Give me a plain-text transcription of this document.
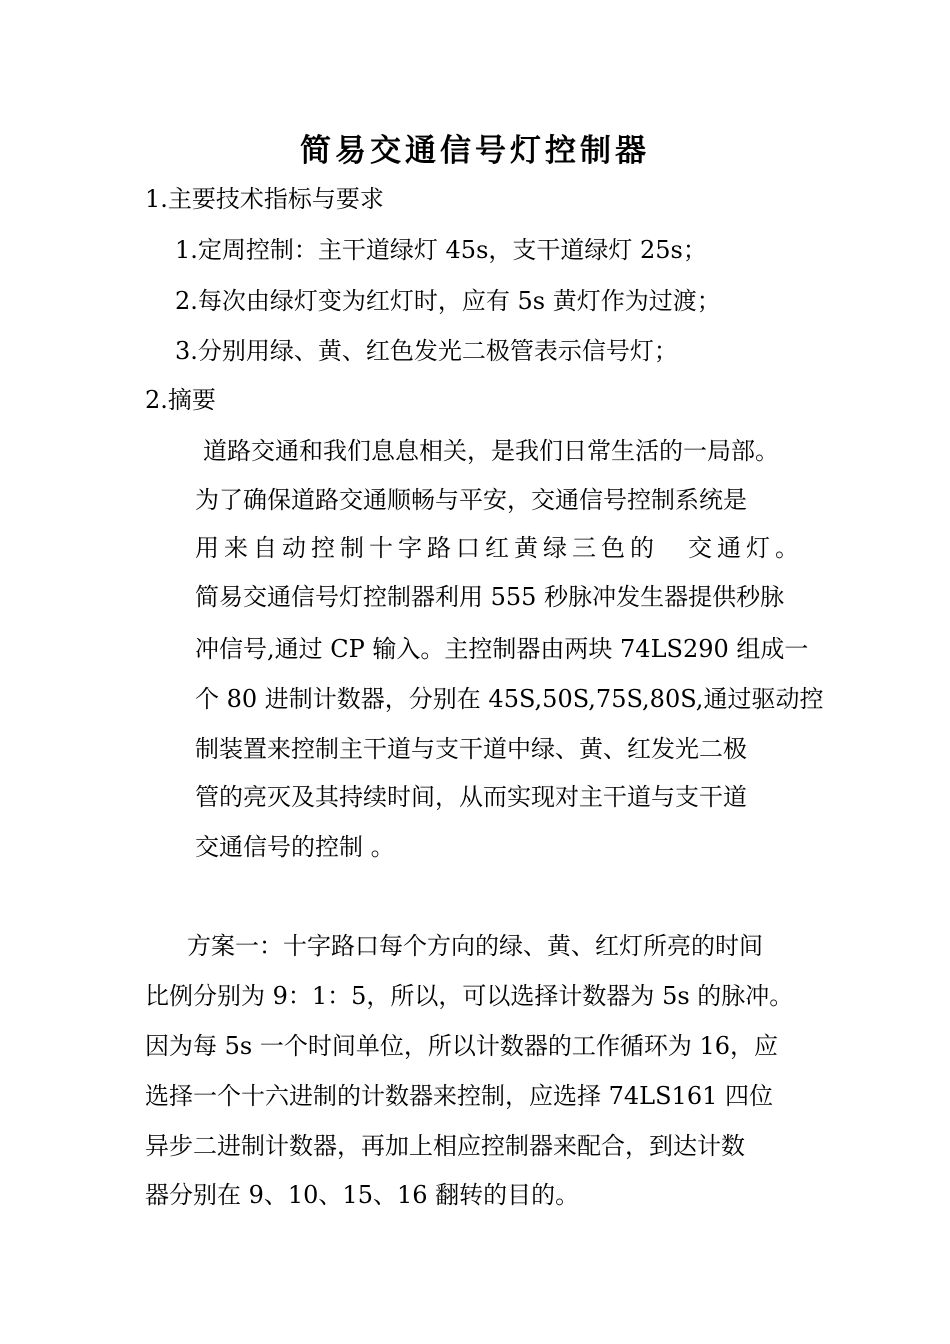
简易交通信号灯控制器
1.主要技术指标与要求
1.定周控制：主干道绿灯 45s，支干道绿灯 25s；
2.每次由绿灯变为红灯时，应有 5s 黄灯作为过渡；
3.分别用绿、黄、红色发光二极管表示信号灯；
2.摘要
道路交通和我们息息相关，是我们日常生活的一局部。
为了确保道路交通顺畅与平安，交通信号控制系统是
用来自动控制十字路口红黄绿三色的　交通灯。
简易交通信号灯控制器利用 555 秒脉冲发生器提供秒脉
冲信号,通过 CP 输入。主控制器由两块 74LS290 组成一
个 80 进制计数器，分别在 45S,50S,75S,80S,通过驱动控
制装置来控制主干道与支干道中绿、黄、红发光二极
管的亮灭及其持续时间，从而实现对主干道与支干道
交通信号的控制 。
方案一：十字路口每个方向的绿、黄、红灯所亮的时间
比例分别为 9：1：5，所以，可以选择计数器为 5s 的脉冲。
因为每 5s 一个时间单位，所以计数器的工作循环为 16，应
选择一个十六进制的计数器来控制，应选择 74LS161 四位
异步二进制计数器，再加上相应控制器来配合，到达计数
器分别在 9、10、15、16 翻转的目的。
